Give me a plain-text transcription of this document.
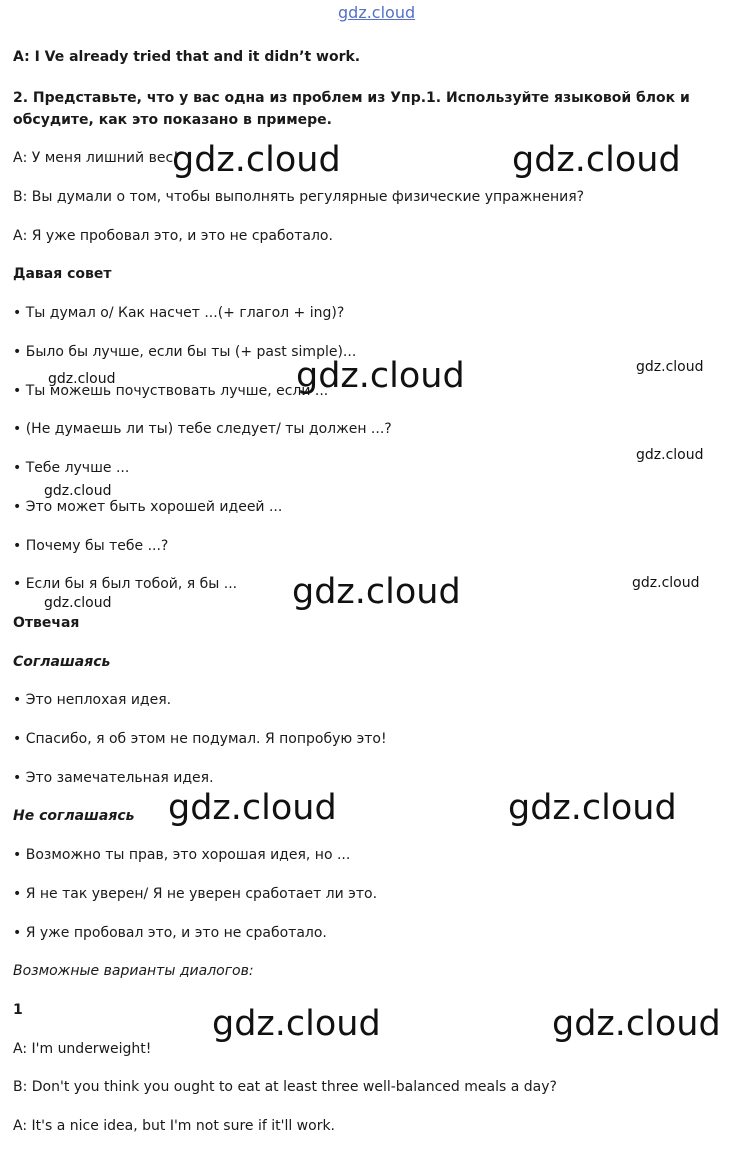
gdz.cloud
A: I Ve already tried that and it didn’t work.
2. Представьте, что у вас одна из проблем из Упр.1. Используйте языковой блок и обсудите, как это показано в примере.
А: У меня лишний вес!
В: Вы думали о том, чтобы выполнять регулярные физические упражнения?
А: Я уже пробовал это, и это не сработало.
Давая совет
• Ты думал о/ Как насчет ...(+ глагол + ing)?
• Было бы лучше, если бы ты (+ past simple)...
• Ты можешь почуствовать лучше, если ...
• (Не думаешь ли ты) тебе следует/ ты должен ...?
• Тебе лучше ...
• Это может быть хорошей идеей ...
• Почему бы тебе ...?
• Если бы я был тобой, я бы ...
Отвечая
Соглашаясь
• Это неплохая идея.
• Спасибо, я об этом не подумал. Я попробую это!
• Это замечательная идея.
Не соглашаясь
• Возможно ты прав, это хорошая идея, но ...
• Я не так уверен/ Я не уверен сработает ли это.
• Я уже пробовал это, и это не сработало.
Возможные варианты диалогов:
1
A: I'm underweight!
B: Don't you think you ought to eat at least three well-balanced meals a day?
A: It's a nice idea, but I'm not sure if it'll work.
gdz.cloud	gdz.cloud
gdz.cloud
gdz.cloud
gdz.cloud	gdz.cloud
gdz.cloud	gdz.cloud
gdz.cloud
gdz.cloud
gdz.cloud
gdz.cloud
gdz.cloud
gdz.cloud
